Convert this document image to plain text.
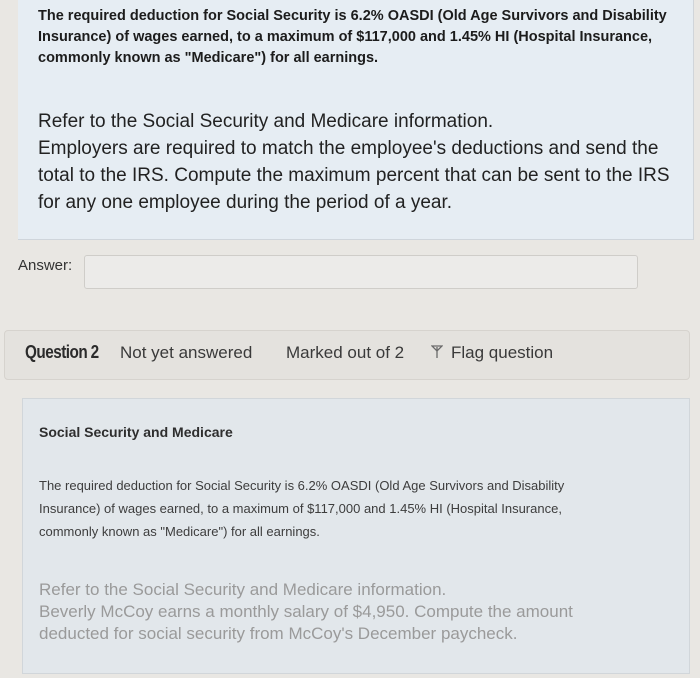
The required deduction for Social Security is 6.2% OASDI (Old Age Survivors and Disability

Insurance) of wages earned, to a maximum of $117,000 and 1.45% HI (Hospital Insurance,

commonly known as "Medicare") for all earnings.

Refer to the Social Security and Medicare information.

Employers are required to match the employee's deductions and send the

total to the IRS. Compute the maximum percent that can be sent to the IRS

for any one employee during the period of a year.

Answer:
Question 2 Not yet answered Marked out of 2	Flag question
Social Security and Medicare

The required deduction for Social Security is 6.2% OASDI (Old Age Survivors and Disability

Insurance) of wages earned, to a maximum of $117,000 and 1.45% HI (Hospital Insurance,

commonly known as "Medicare") for all earnings.

Refer to the Social Security and Medicare information.

Beverly McCoy earns a monthly salary of $4,950. Compute the amount

deducted for social security from McCoy's December paycheck.
